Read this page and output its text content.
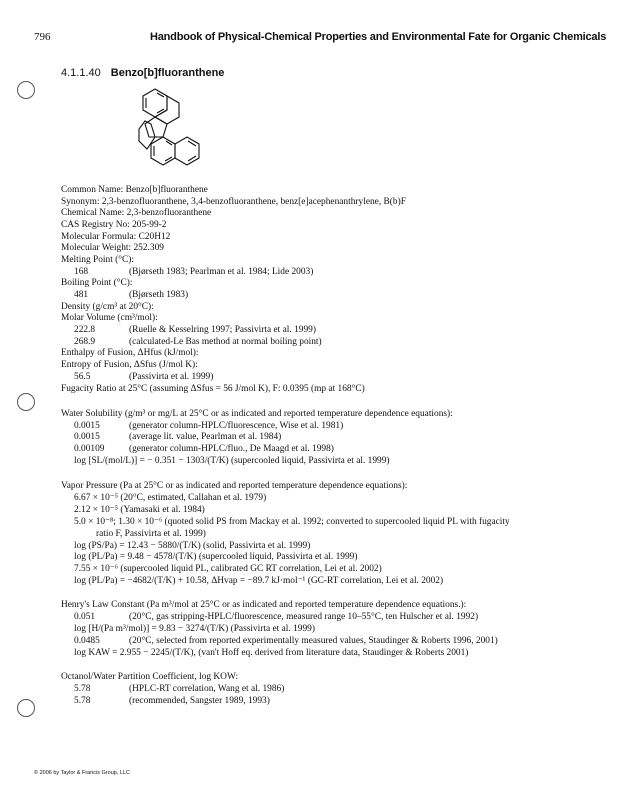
796	Handbook of Physical-Chemical Properties and Environmental Fate for Organic Chemicals
4.1.1.40 Benzo[b]fluoranthene
Common Name: Benzo[b]fluoranthene
Synonym: 2,3-benzofluoranthene, 3,4-benzofluoranthene, benz[e]acephenanthrylene, B(b)F
Chemical Name: 2,3-benzofluoranthene
CAS Registry No: 205-99-2
Molecular Formula: C20H12
Molecular Weight: 252.309
Melting Point (°C):
168	(Bjørseth 1983; Pearlman et al. 1984; Lide 2003)
Boiling Point (°C):
481	(Bjørseth 1983)
Density (g/cm³ at 20°C):
Molar Volume (cm³/mol):
222.8	(Ruelle & Kesselring 1997; Passivirta et al. 1999)
268.9	(calculated-Le Bas method at normal boiling point)
Enthalpy of Fusion, ΔHfus (kJ/mol):
Entropy of Fusion, ΔSfus (J/mol K):
56.5	(Passivirta et al. 1999)
Fugacity Ratio at 25°C (assuming ΔSfus = 56 J/mol K), F: 0.0395 (mp at 168°C)
Water Solubility (g/m³ or mg/L at 25°C or as indicated and reported temperature dependence equations):
0.0015	(generator column-HPLC/fluorescence, Wise et al. 1981)
0.0015	(average lit. value, Pearlman et al. 1984)
0.00109	(generator column-HPLC/fluo., De Maagd et al. 1998)
log [SL/(mol/L)] = − 0.351 − 1303/(T/K) (supercooled liquid, Passivirta et al. 1999)
Vapor Pressure (Pa at 25°C or as indicated and reported temperature dependence equations):
6.67 × 10⁻⁵ (20°C, estimated, Callahan et al. 1979)
2.12 × 10⁻⁵ (Yamasaki et al. 1984)
5.0 × 10⁻⁸; 1.30 × 10⁻⁶ (quoted solid PS from Mackay et al. 1992; converted to supercooled liquid PL with fugacity
ratio F, Passivirta et al. 1999)
log (PS/Pa) = 12.43 − 5880/(T/K) (solid, Passivirta et al. 1999)
log (PL/Pa) = 9.48 − 4578/(T/K) (supercooled liquid, Passivirta et al. 1999)
7.55 × 10⁻⁶ (supercooled liquid PL, calibrated GC RT correlation, Lei et al. 2002)
log (PL/Pa) = −4682/(T/K) + 10.58, ΔHvap = −89.7 kJ·mol⁻¹ (GC-RT correlation, Lei et al. 2002)
Henry's Law Constant (Pa m³/mol at 25°C or as indicated and reported temperature dependence equations.):
0.051	(20°C, gas stripping-HPLC/fluorescence, measured range 10–55°C, ten Hulscher et al. 1992)
log [H/(Pa m³/mol)] = 9.83 − 3274/(T/K) (Passivirta et al. 1999)
0.0485	(20°C, selected from reported experimentally measured values, Staudinger & Roberts 1996, 2001)
log KAW = 2.955 − 2245/(T/K), (van't Hoff eq. derived from literature data, Staudinger & Roberts 2001)
Octanol/Water Partition Coefficient, log KOW:
5.78	(HPLC-RT correlation, Wang et al. 1986)
5.78	(recommended, Sangster 1989, 1993)
© 2006 by Taylor & Francis Group, LLC
